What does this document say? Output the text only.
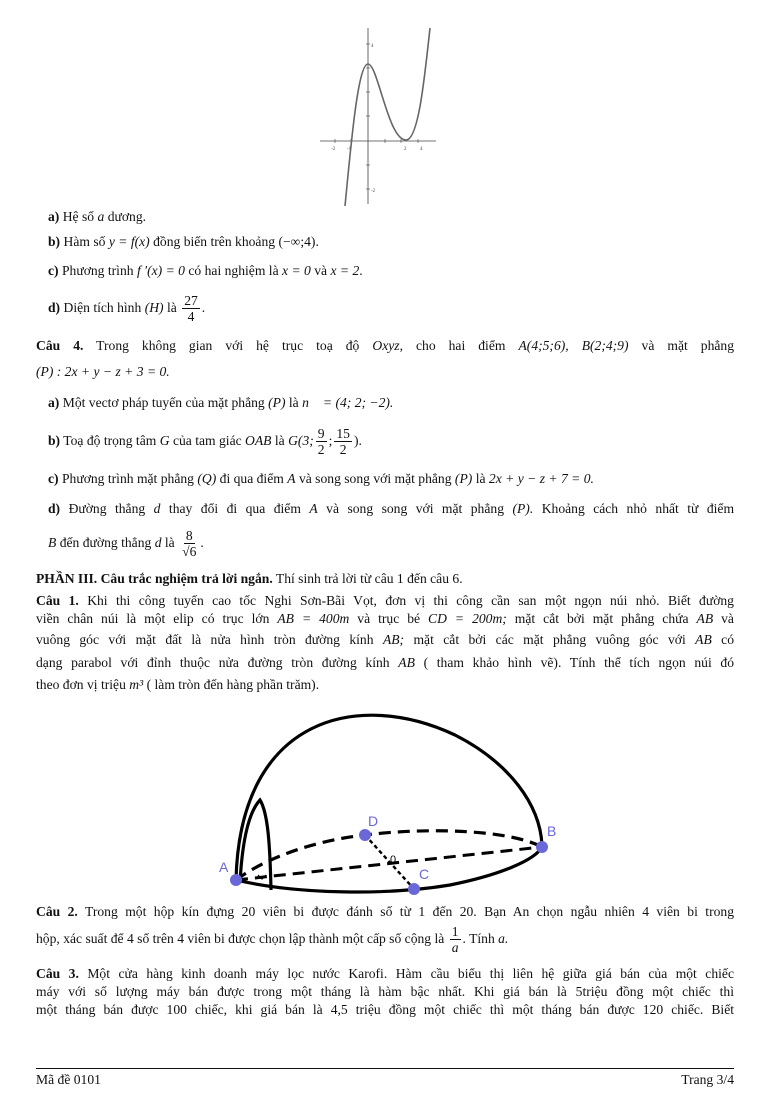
-2 -1	2	4
4
-2
a) Hệ số a dương.
b) Hàm số y = f(x) đồng biến trên khoảng (−∞;4).
c) Phương trình f ′(x) = 0 có hai nghiệm là x = 0 và x = 2.
d) Diện tích hình (H) là $\frac{27}{4}$ .
Câu 4. Trong không gian với hệ trục toạ độ Oxyz, cho hai điểm A(4;5;6), B(2;4;9) và mặt phẳng
(P) : 2x + y − z + 3 = 0.
a) Một vectơ pháp tuyến của mặt phẳng (P) là n⃗ = (4; 2; −2).
b) Toạ độ trọng tâm G của tam giác OAB là G(3; $\frac{9}{2}$ ; $\frac{15}{2}$ ).
c) Phương trình mặt phẳng (Q) đi qua điểm A và song song với mặt phẳng (P) là 2x + y − z + 7 = 0.
d) Đường thẳng d thay đổi đi qua điểm A và song song với mặt phẳng (P). Khoảng cách nhỏ nhất từ điểm
B đến đường thẳng d là $\frac{8}{√6}$ .
PHẦN III. Câu trắc nghiệm trả lời ngắn. Thí sinh trả lời từ câu 1 đến câu 6.
Câu 1. Khi thi công tuyến cao tốc Nghi Sơn-Bãi Vọt, đơn vị thi công cần san một ngọn núi nhỏ. Biết đường
viền chân núi là một elip có trục lớn AB = 400m và trục bé CD = 200m; mặt cắt bởi mặt phẳng chứa AB và
vuông góc với mặt đất là nửa hình tròn đường kính AB; mặt cắt bởi các mặt phẳng vuông góc với AB có
dạng parabol với đỉnh thuộc nửa đường tròn đường kính AB ( tham khảo hình vẽ). Tính thể tích ngọn núi đó
theo đơn vị triệu m³ ( làm tròn đến hàng phần trăm).
A
B
C
D
0
Câu 2. Trong một hộp kín đựng 20 viên bi được đánh số từ 1 đến 20. Bạn An chọn ngẫu nhiên 4 viên bi trong
hộp, xác suất để 4 số trên 4 viên bi được chọn lập thành một cấp số cộng là $\frac{1}{a}$ . Tính a.
Câu 3. Một cửa hàng kinh doanh máy lọc nước Karofi. Hàm cầu biểu thị liên hệ giữa giá bán của một chiếc
máy với số lượng máy bán được trong một tháng là hàm bậc nhất. Khi giá bán là 5triệu đồng một chiếc thì
một tháng bán được 100 chiếc, khi giá bán là 4,5 triệu đồng một chiếc thì một tháng bán được 120 chiếc. Biết
Mã đề 0101	Trang 3/4
